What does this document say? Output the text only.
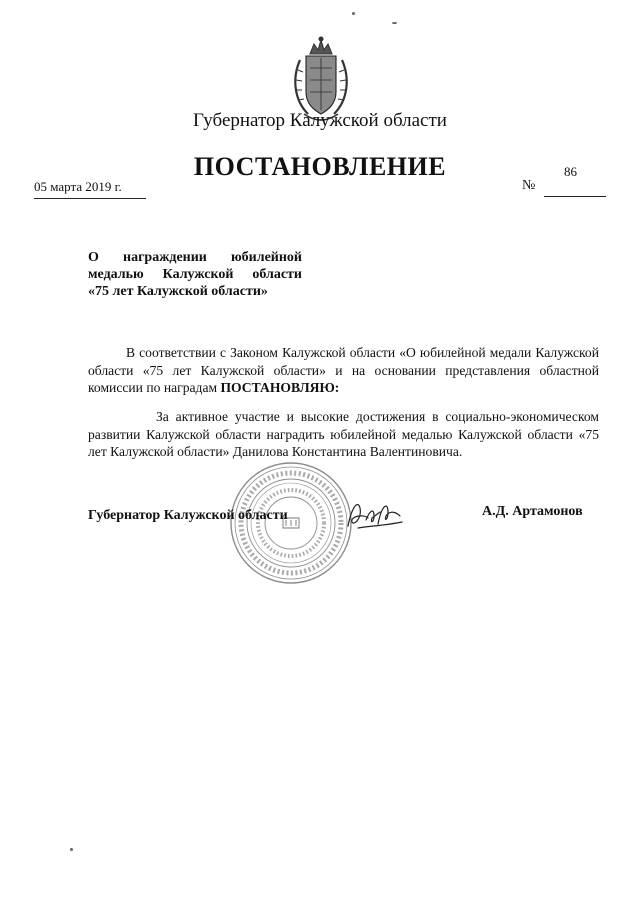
Губернатор Калужской области
ПОСТАНОВЛЕНИЕ
05 марта 2019 г.
86
№
О награждении юбилейной
медалью Калужской области
«75 лет Калужской области»
В соответствии с Законом Калужской области «О юбилейной медали Калужской области «75 лет Калужской области» и на основании представления областной комиссии по наградам ПОСТАНОВЛЯЮ:
За активное участие и высокие достижения в социально-экономическом развитии Калужской области наградить юбилейной медалью Калужской области «75 лет Калужской области» Данилова Константина Валентиновича.
Губернатор Калужской области	А.Д. Артамонов
